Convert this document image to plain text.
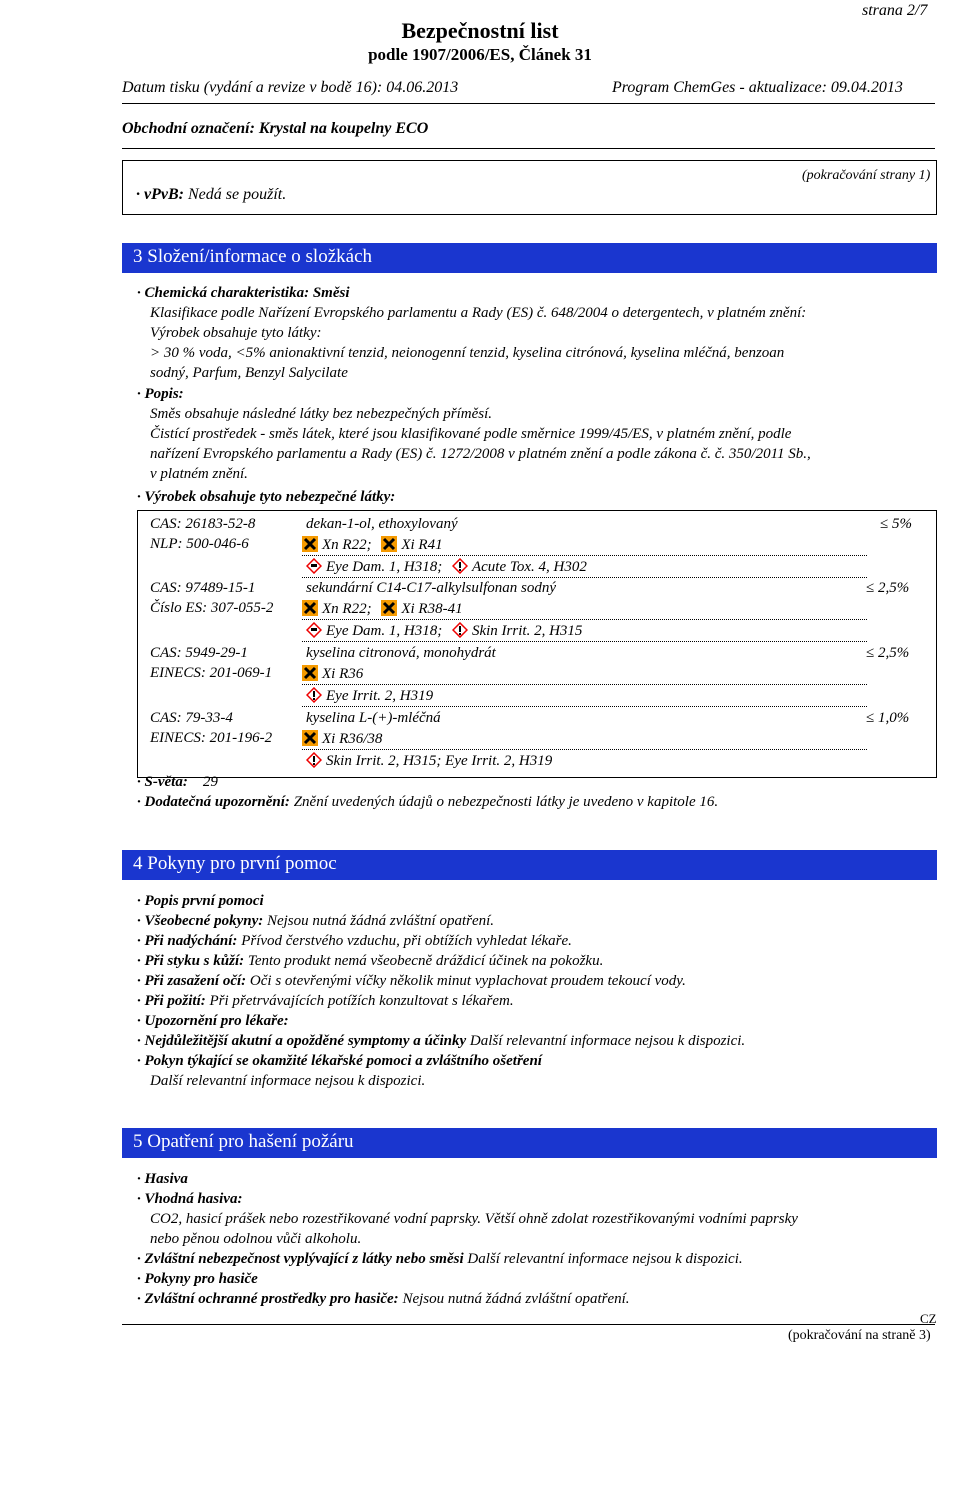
strana 2/7
Bezpečnostní list
podle 1907/2006/ES, Článek 31
Datum tisku (vydání a revize v bodě 16): 04.06.2013	Program ChemGes - aktualizace: 09.04.2013
Obchodní označení: Krystal na koupelny ECO
(pokračování strany 1)
· vPvB: Nedá se použít.
3 Složení/informace o složkách
· Chemická charakteristika: Směsi
Klasifikace podle Nařízení Evropského parlamentu a Rady (ES) č. 648/2004 o detergentech, v platném znění:
Výrobek obsahuje tyto látky:
> 30 % voda, <5% anionaktivní tenzid, neionogenní tenzid, kyselina citrónová, kyselina mléčná, benzoan
sodný, Parfum, Benzyl Salycilate
· Popis:
Směs obsahuje následné látky bez nebezpečných příměsí.
Čistící prostředek - směs látek, které jsou klasifikované podle směrnice 1999/45/ES, v platném znění, podle
nařízení Evropského parlamentu a Rady (ES) č. 1272/2008 v platném znění a podle zákona č. č. 350/2011 Sb.,
v platném znění.
· Výrobek obsahuje tyto nebezpečné látky:
CAS: 26183-52-8
NLP: 500-046-6
dekan-1-ol, ethoxylovaný	≤ 5%
Xn R22; Xi R41
Eye Dam. 1, H318; Acute Tox. 4, H302
CAS: 97489-15-1
Číslo ES: 307-055-2
sekundární C14-C17-alkylsulfonan sodný	≤ 2,5%
Xn R22; Xi R38-41
Eye Dam. 1, H318; Skin Irrit. 2, H315
CAS: 5949-29-1
EINECS: 201-069-1
kyselina citronová, monohydrát	≤ 2,5%
Xi R36
Eye Irrit. 2, H319
CAS: 79-33-4
EINECS: 201-196-2
kyselina L-(+)-mléčná	≤ 1,0%
Xi R36/38
Skin Irrit. 2, H315; Eye Irrit. 2, H319
· S-věta: 29
· Dodatečná upozornění: Znění uvedených údajů o nebezpečnosti látky je uvedeno v kapitole 16.
4 Pokyny pro první pomoc
· Popis první pomoci
· Všeobecné pokyny: Nejsou nutná žádná zvláštní opatření.
· Při nadýchání: Přívod čerstvého vzduchu, při obtížích vyhledat lékaře.
· Při styku s kůží: Tento produkt nemá všeobecně dráždicí účinek na pokožku.
· Při zasažení očí: Oči s otevřenými víčky několik minut vyplachovat proudem tekoucí vody.
· Při požití: Při přetrvávajících potížích konzultovat s lékařem.
· Upozornění pro lékaře:
· Nejdůležitější akutní a opožděné symptomy a účinky Další relevantní informace nejsou k dispozici.
· Pokyn týkající se okamžité lékařské pomoci a zvláštního ošetření
Další relevantní informace nejsou k dispozici.
5 Opatření pro hašení požáru
· Hasiva
· Vhodná hasiva:
CO2, hasicí prášek nebo rozestřikované vodní paprsky. Větší ohně zdolat rozestřikovanými vodními paprsky
nebo pěnou odolnou vůči alkoholu.
· Zvláštní nebezpečnost vyplývající z látky nebo směsi Další relevantní informace nejsou k dispozici.
· Pokyny pro hasiče
· Zvláštní ochranné prostředky pro hasiče: Nejsou nutná žádná zvláštní opatření.
CZ
(pokračování na straně 3)
